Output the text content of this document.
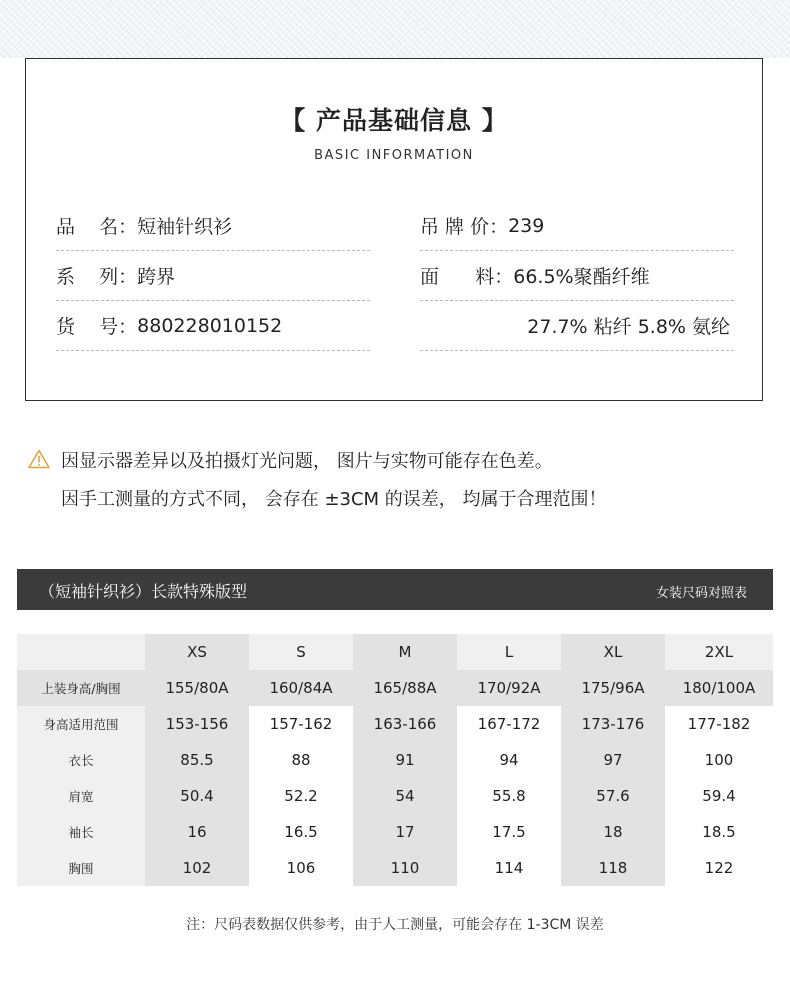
【 产品基础信息 】
BASIC INFORMATION
品    名： 短袖针织衫
系    列： 跨界
货    号： 880228010152
吊 牌 价： 239
面      料： 66.5%聚酯纤维
27.7% 粘纤 5.8% 氨纶
因显示器差异以及拍摄灯光问题， 图片与实物可能存在色差。
因手工测量的方式不同， 会存在 ±3CM 的误差， 均属于合理范围！
（短袖针织衫）长款特殊版型	女装尺码对照表
	XS	S	M	L	XL	2XL
上装身高/胸围	155/80A	160/84A	165/88A	170/92A	175/96A	180/100A
身高适用范围	153-156	157-162	163-166	167-172	173-176	177-182
衣长	85.5	88	91	94	97	100
肩宽	50.4	52.2	54	55.8	57.6	59.4
袖长	16	16.5	17	17.5	18	18.5
胸围	102	106	110	114	118	122
注：尺码表数据仅供参考，由于人工测量，可能会存在 1-3CM 误差
